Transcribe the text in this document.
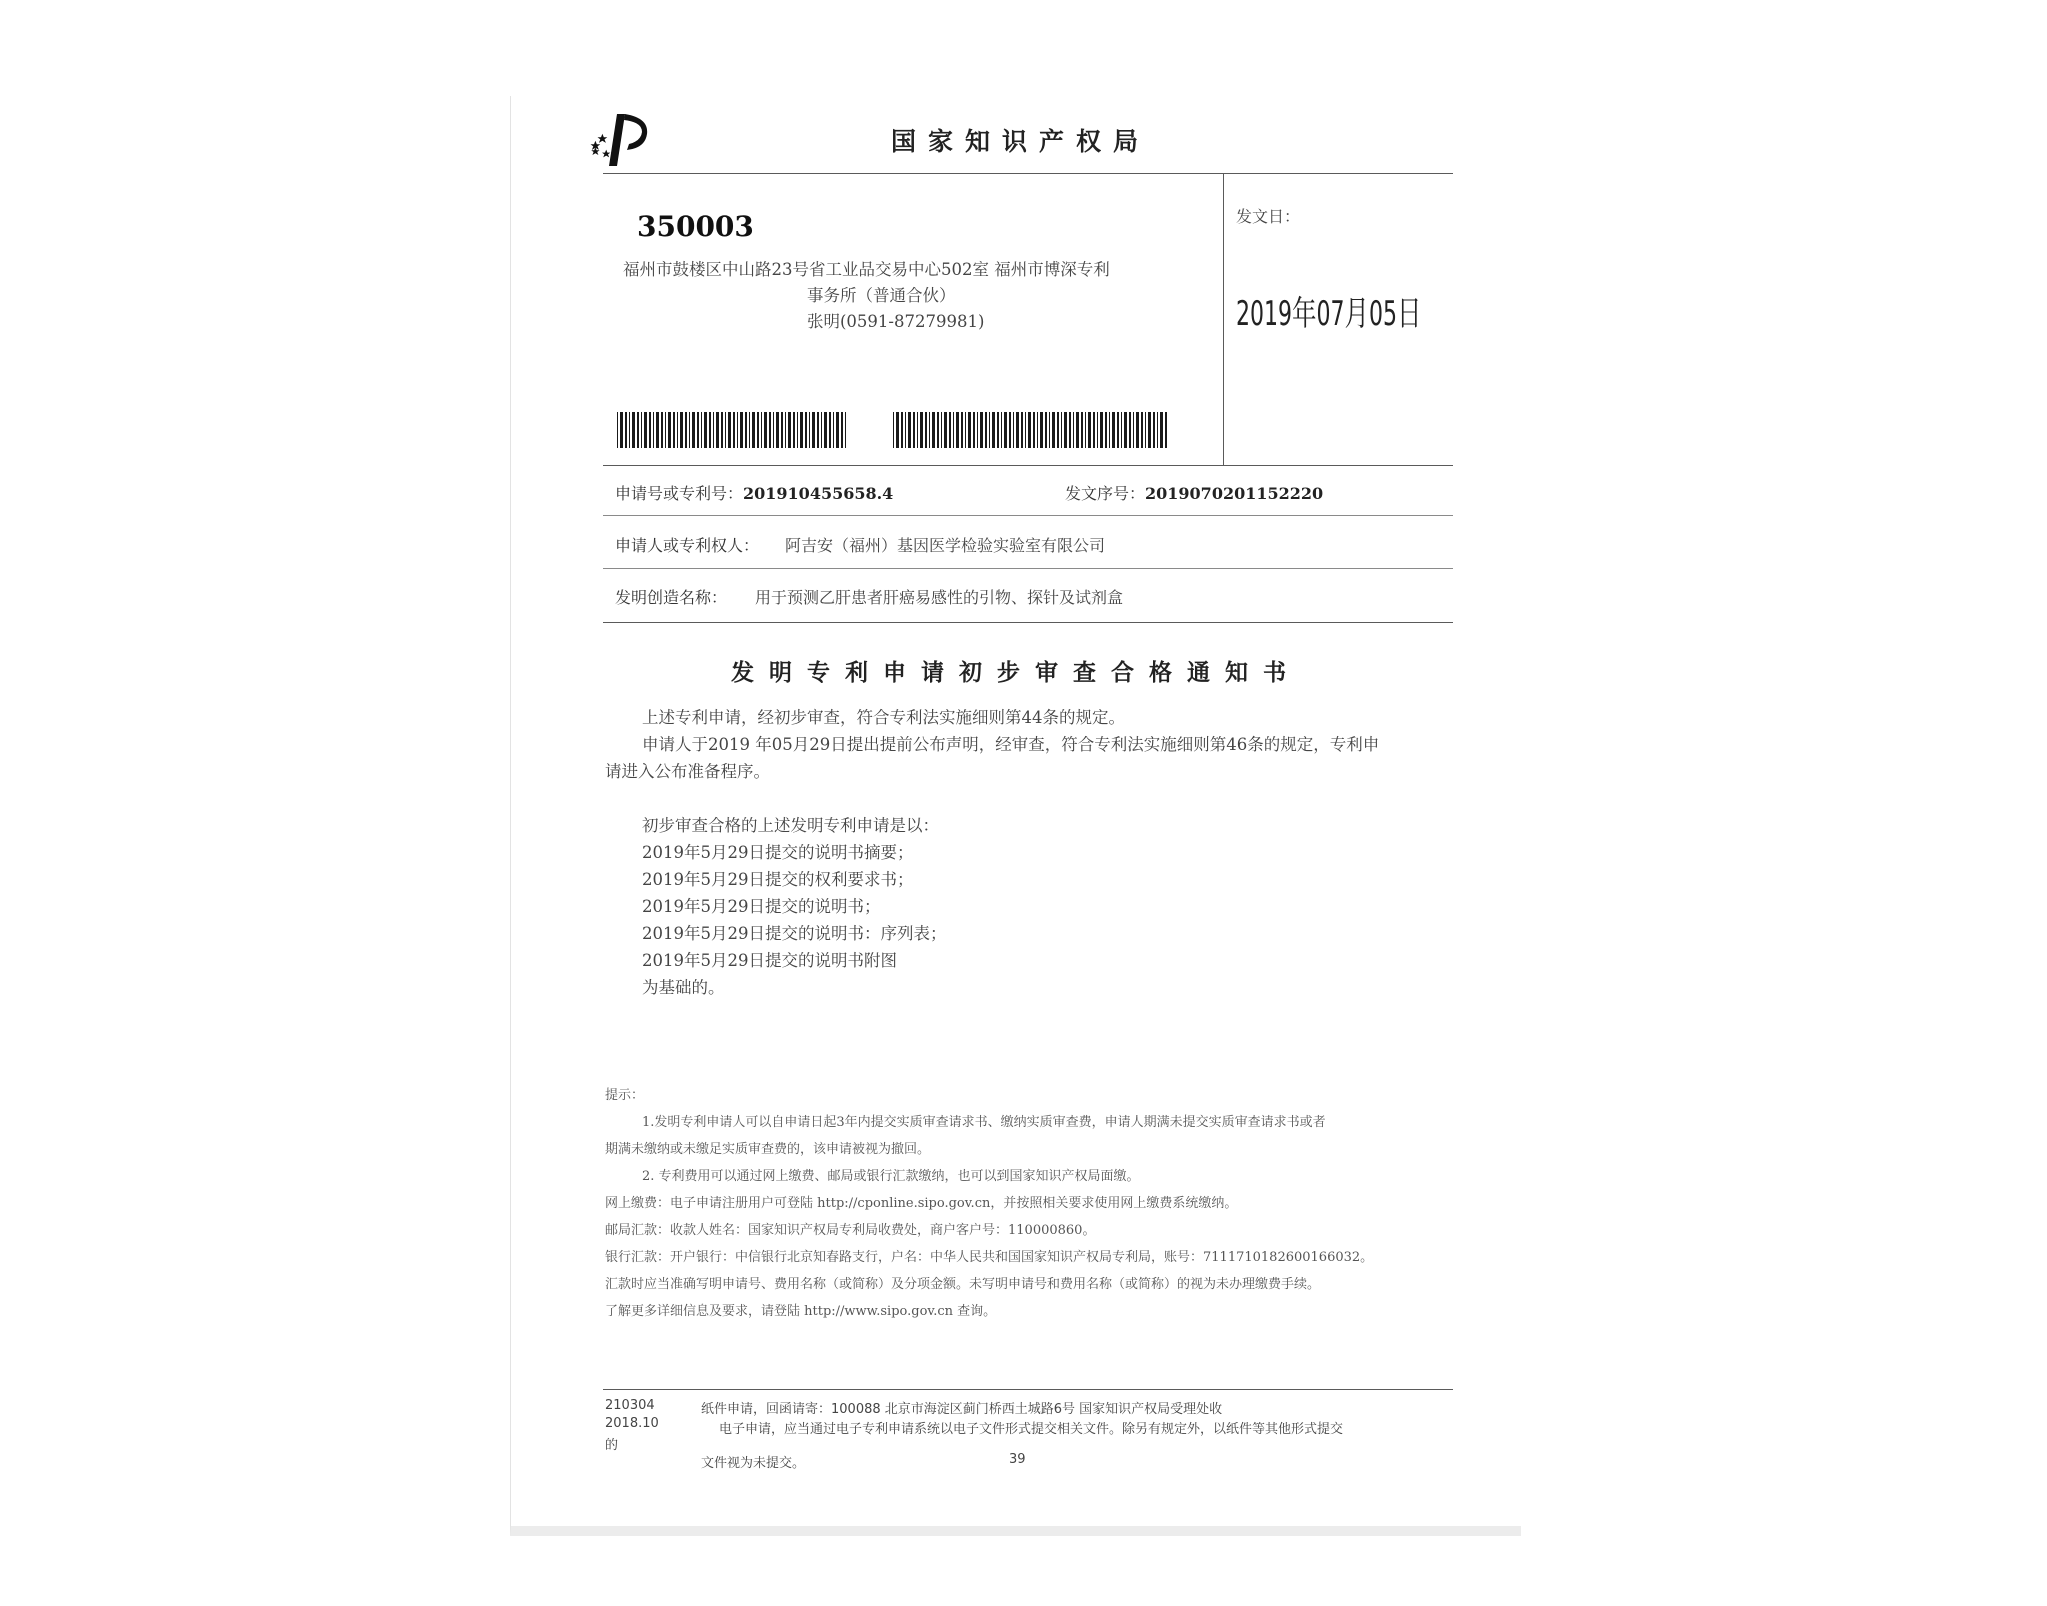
国家知识产权局
350003
福州市鼓楼区中山路23号省工业品交易中心502室 福州市博深专利
事务所（普通合伙）
张明(0591-87279981)
发文日：
2019年07月05日
申请号或专利号：201910455658.4	发文序号：2019070201152220
申请人或专利权人： 阿吉安（福州）基因医学检验实验室有限公司
发明创造名称： 用于预测乙肝患者肝癌易感性的引物、探针及试剂盒
发明专利申请初步审查合格通知书
上述专利申请，经初步审查，符合专利法实施细则第44条的规定。
申请人于2019 年05月29日提出提前公布声明，经审查，符合专利法实施细则第46条的规定，专利申
请进入公布准备程序。
初步审查合格的上述发明专利申请是以：
2019年5月29日提交的说明书摘要；
2019年5月29日提交的权利要求书；
2019年5月29日提交的说明书；
2019年5月29日提交的说明书：序列表；
2019年5月29日提交的说明书附图
为基础的。
提示：
1.发明专利申请人可以自申请日起3年内提交实质审查请求书、缴纳实质审查费，申请人期满未提交实质审查请求书或者
期满未缴纳或未缴足实质审查费的，该申请被视为撤回。
2. 专利费用可以通过网上缴费、邮局或银行汇款缴纳，也可以到国家知识产权局面缴。
网上缴费：电子申请注册用户可登陆 http://cponline.sipo.gov.cn，并按照相关要求使用网上缴费系统缴纳。
邮局汇款：收款人姓名：国家知识产权局专利局收费处，商户客户号：110000860。
银行汇款：开户银行：中信银行北京知春路支行，户名：中华人民共和国国家知识产权局专利局，账号：7111710182600166032。
汇款时应当准确写明申请号、费用名称（或简称）及分项金额。未写明申请号和费用名称（或简称）的视为未办理缴费手续。
了解更多详细信息及要求，请登陆 http://www.sipo.gov.cn 查询。
210304
2018.10
的
纸件申请，回函请寄：100088 北京市海淀区蓟门桥西土城路6号 国家知识产权局受理处收
电子申请，应当通过电子专利申请系统以电子文件形式提交相关文件。除另有规定外，以纸件等其他形式提交
文件视为未提交。	39
